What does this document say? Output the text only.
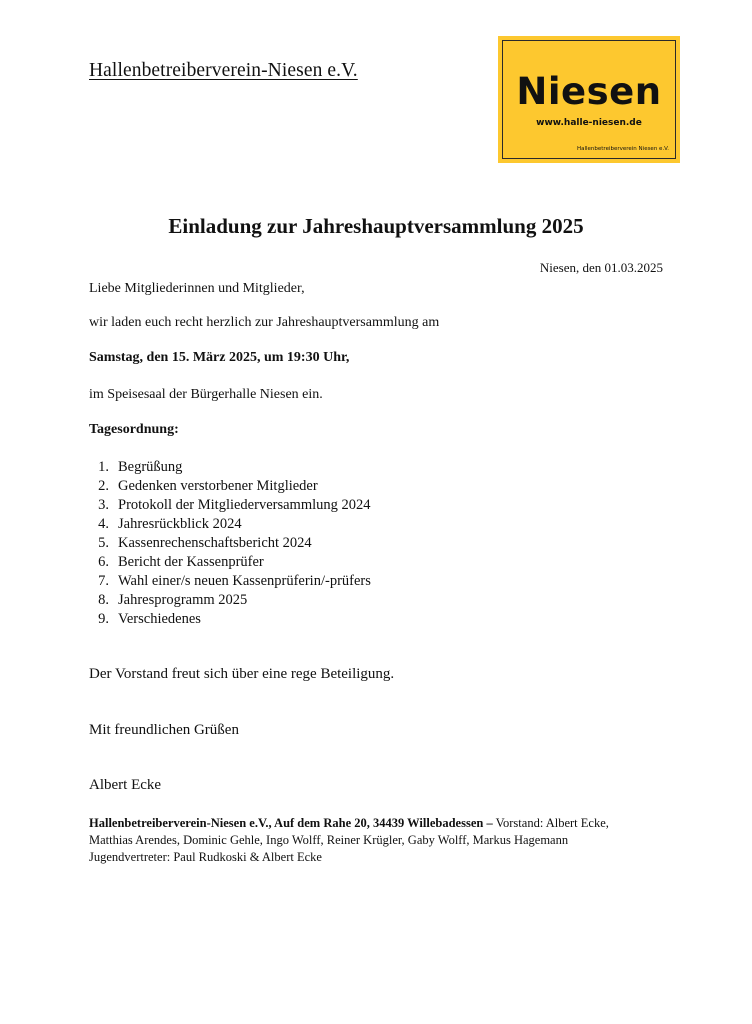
Hallenbetreiberverein-Niesen e.V.	Niesen
www.halle-niesen.de
Hallenbetreiberverein Niesen e.V.
Einladung zur Jahreshauptversammlung 2025
Niesen, den 01.03.2025

Liebe Mitgliederinnen und Mitglieder,

wir laden euch recht herzlich zur Jahreshauptversammlung am

Samstag, den 15. März 2025, um 19:30 Uhr,

im Speisesaal der Bürgerhalle Niesen ein.

Tagesordnung:

1. Begrüßung
2. Gedenken verstorbener Mitglieder
3. Protokoll der Mitgliederversammlung 2024
4. Jahresrückblick 2024
5. Kassenrechenschaftsbericht 2024
6. Bericht der Kassenprüfer
7. Wahl einer/s neuen Kassenprüferin/-prüfers
8. Jahresprogramm 2025
9. Verschiedenes
Der Vorstand freut sich über eine rege Beteiligung.
Mit freundlichen Grüßen
Albert Ecke
Hallenbetreiberverein-Niesen e.V., Auf dem Rahe 20, 34439 Willebadessen – Vorstand: Albert Ecke,
Matthias Arendes, Dominic Gehle, Ingo Wolff, Reiner Krügler, Gaby Wolff, Markus Hagemann
Jugendvertreter: Paul Rudkoski & Albert Ecke
